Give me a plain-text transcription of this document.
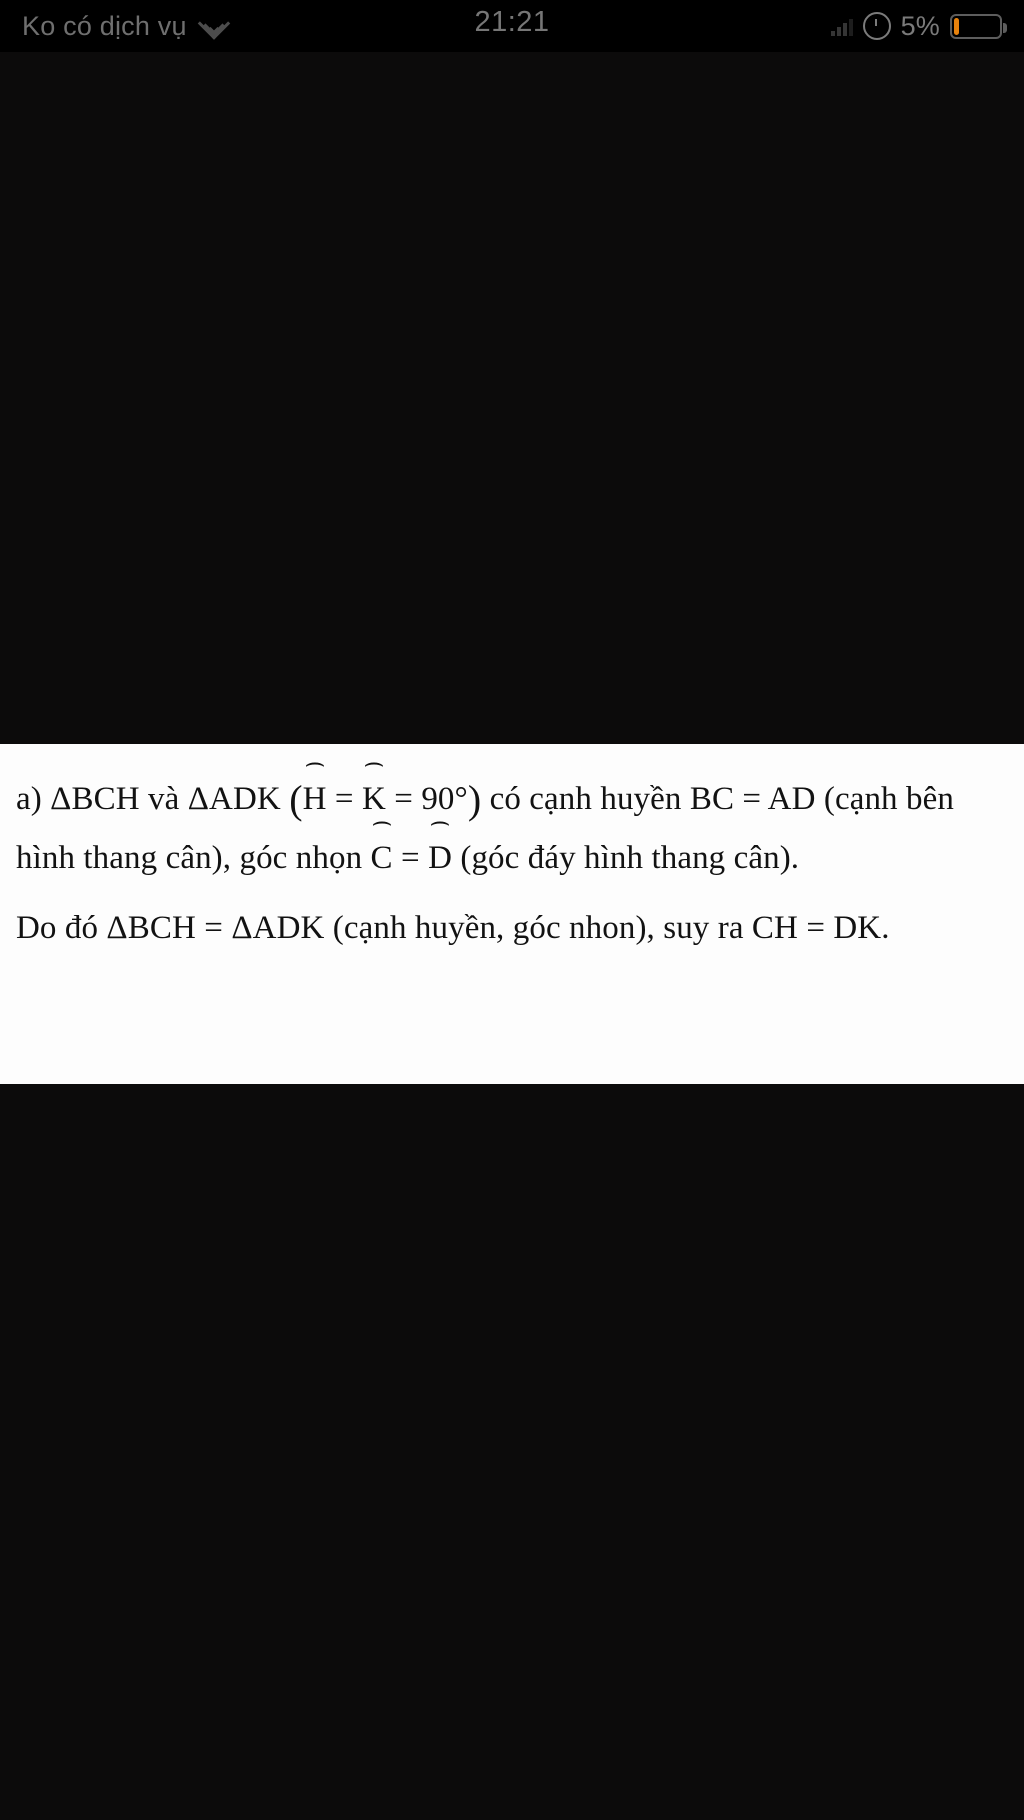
Ko có dịch vụ	21:21	5%

a) ΔBCH và ΔADK (H ⌢ = K ⌢ = 90°) có cạnh huyền BC = AD (cạnh bên hình thang cân), góc nhọn C ⌢ = D ⌢ (góc đáy hình thang cân).

Do đó ΔBCH = ΔADK (cạnh huyền, góc nhon), suy ra CH = DK.
